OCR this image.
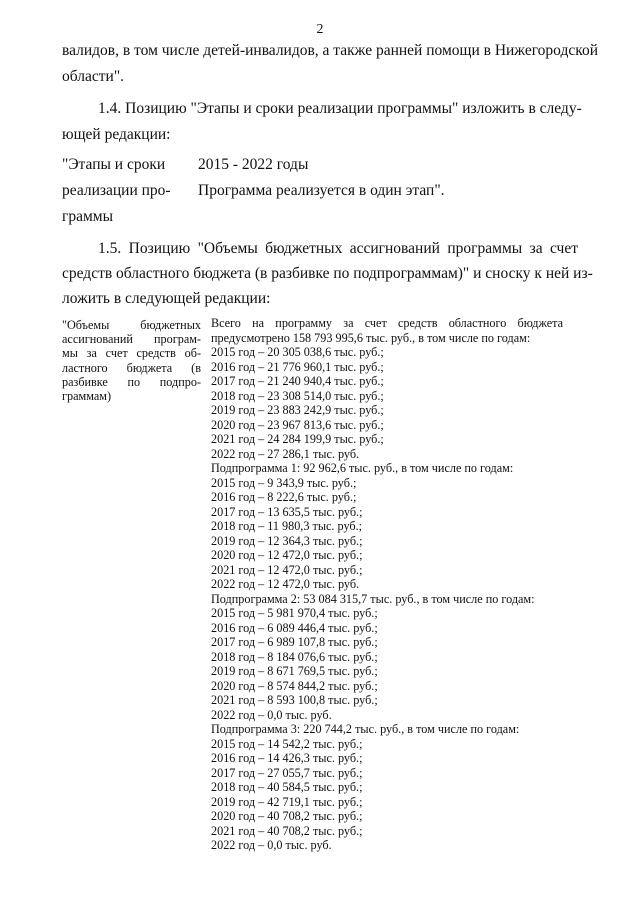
2
валидов, в том числе детей-инвалидов, а также ранней помощи в Нижегородской
области".
1.4. Позицию "Этапы и сроки реализации программы" изложить в следу-
ющей редакции:
"Этапы и сроки
реализации про-
граммы
2015 - 2022 годы
Программа реализуется в один этап".
1.5. Позицию "Объемы бюджетных ассигнований программы за счет
средств областного бюджета (в разбивке по подпрограммам)" и сноску к ней из-
ложить в следующей редакции:
"Объемы бюджетных
ассигнований програм-
мы за счет средств об-
ластного бюджета (в
разбивке по подпро-
граммам)
Всего на программу за счет средств областного бюджета
предусмотрено 158 793 995,6 тыс. руб., в том числе по годам:
2015 год – 20 305 038,6 тыс. руб.;
2016 год – 21 776 960,1 тыс. руб.;
2017 год – 21 240 940,4 тыс. руб.;
2018 год – 23 308 514,0 тыс. руб.;
2019 год – 23 883 242,9 тыс. руб.;
2020 год – 23 967 813,6 тыс. руб.;
2021 год – 24 284 199,9 тыс. руб.;
2022 год – 27 286,1 тыс. руб.
Подпрограмма 1: 92 962,6 тыс. руб., в том числе по годам:
2015 год – 9 343,9 тыс. руб.;
2016 год – 8 222,6 тыс. руб.;
2017 год – 13 635,5 тыс. руб.;
2018 год – 11 980,3 тыс. руб.;
2019 год – 12 364,3 тыс. руб.;
2020 год – 12 472,0 тыс. руб.;
2021 год – 12 472,0 тыс. руб.;
2022 год – 12 472,0 тыс. руб.
Подпрограмма 2: 53 084 315,7 тыс. руб., в том числе по годам:
2015 год – 5 981 970,4 тыс. руб.;
2016 год – 6 089 446,4 тыс. руб.;
2017 год – 6 989 107,8 тыс. руб.;
2018 год – 8 184 076,6 тыс. руб.;
2019 год – 8 671 769,5 тыс. руб.;
2020 год – 8 574 844,2 тыс. руб.;
2021 год – 8 593 100,8 тыс. руб.;
2022 год – 0,0 тыс. руб.
Подпрограмма 3: 220 744,2 тыс. руб., в том числе по годам:
2015 год – 14 542,2 тыс. руб.;
2016 год – 14 426,3 тыс. руб.;
2017 год – 27 055,7 тыс. руб.;
2018 год – 40 584,5 тыс. руб.;
2019 год – 42 719,1 тыс. руб.;
2020 год – 40 708,2 тыс. руб.;
2021 год – 40 708,2 тыс. руб.;
2022 год – 0,0 тыс. руб.
